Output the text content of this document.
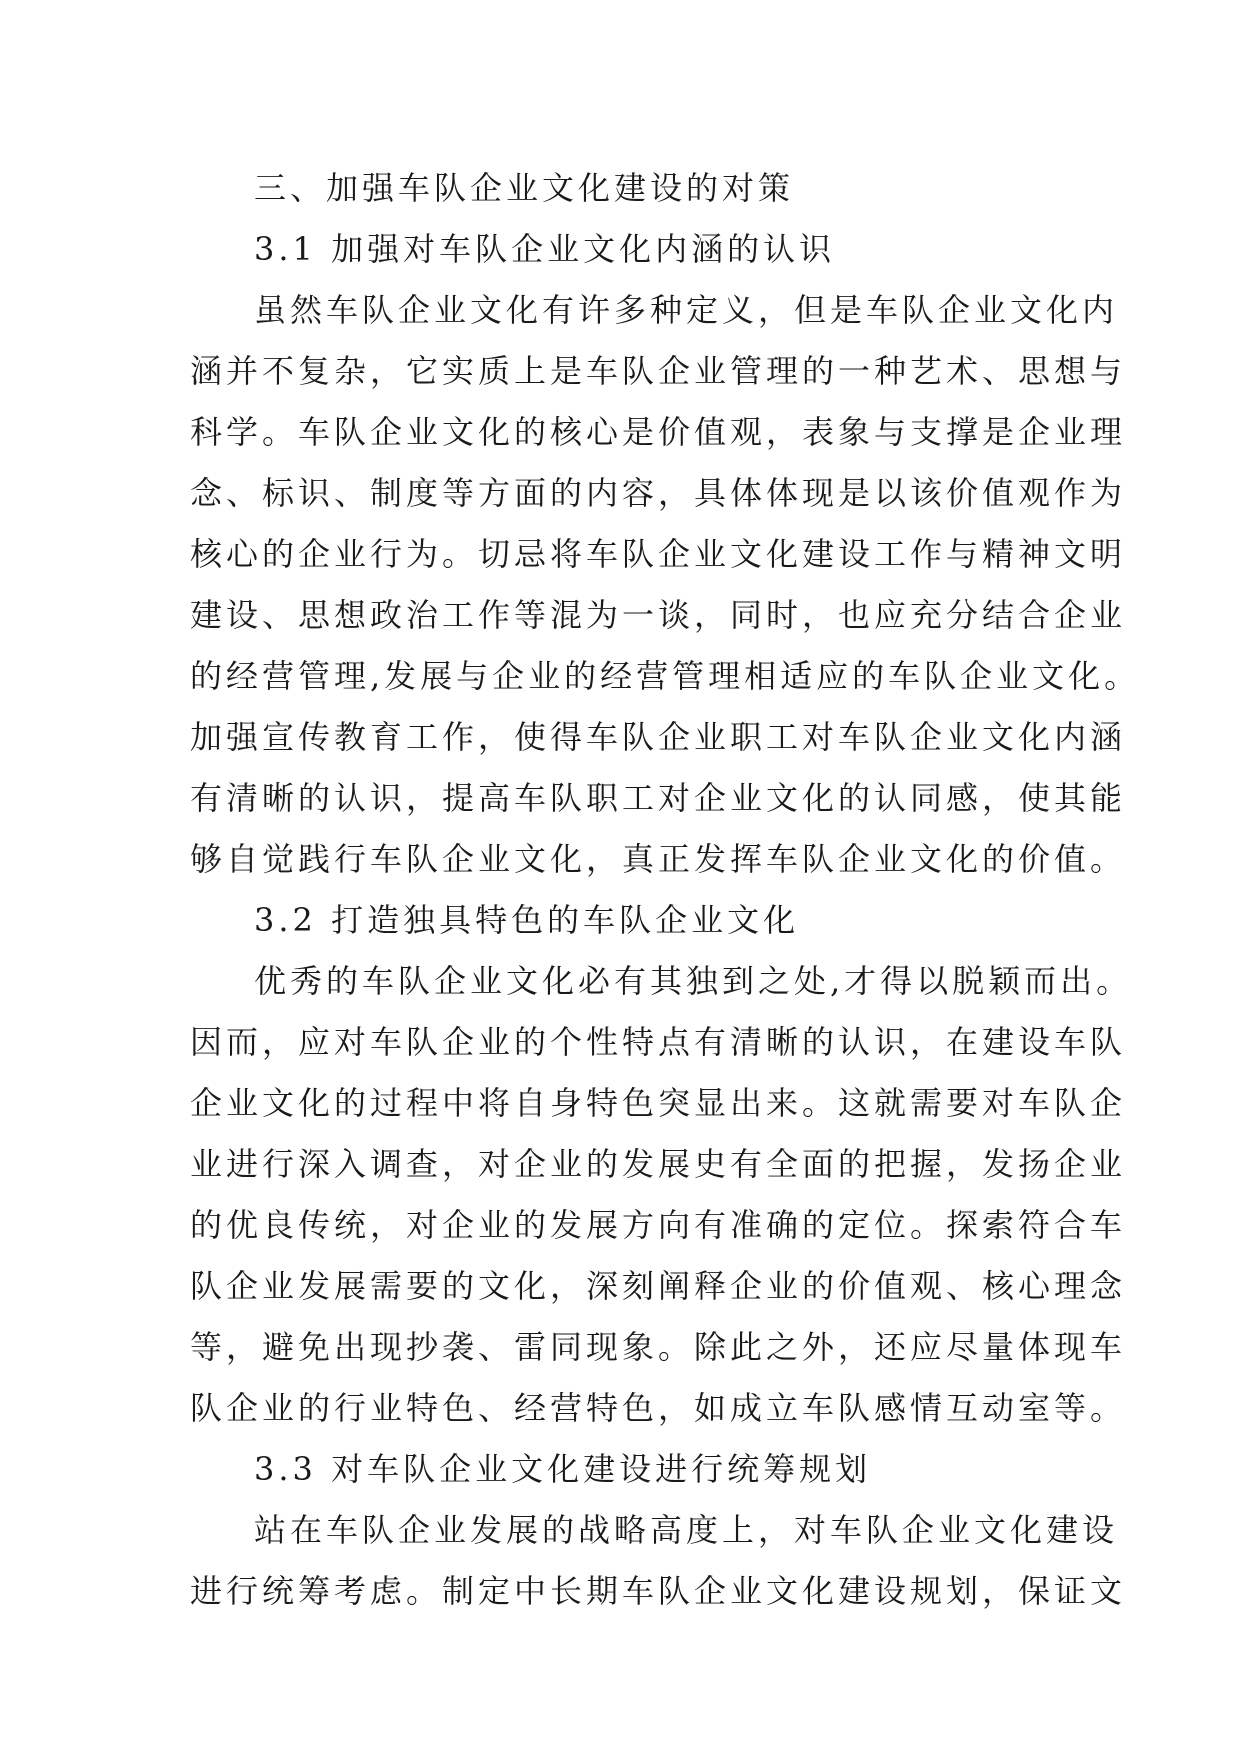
三、加强车队企业文化建设的对策
3.1 加强对车队企业文化内涵的认识
虽然车队企业文化有许多种定义，但是车队企业文化内
涵并不复杂，它实质上是车队企业管理的一种艺术、思想与
科学。车队企业文化的核心是价值观，表象与支撑是企业理
念、标识、制度等方面的内容，具体体现是以该价值观作为
核心的企业行为。切忌将车队企业文化建设工作与精神文明
建设、思想政治工作等混为一谈，同时，也应充分结合企业
的经营管理,发展与企业的经营管理相适应的车队企业文化。
加强宣传教育工作，使得车队企业职工对车队企业文化内涵
有清晰的认识，提高车队职工对企业文化的认同感，使其能
够自觉践行车队企业文化，真正发挥车队企业文化的价值。
3.2 打造独具特色的车队企业文化
优秀的车队企业文化必有其独到之处,才得以脱颖而出。
因而，应对车队企业的个性特点有清晰的认识，在建设车队
企业文化的过程中将自身特色突显出来。这就需要对车队企
业进行深入调查，对企业的发展史有全面的把握，发扬企业
的优良传统，对企业的发展方向有准确的定位。探索符合车
队企业发展需要的文化，深刻阐释企业的价值观、核心理念
等，避免出现抄袭、雷同现象。除此之外，还应尽量体现车
队企业的行业特色、经营特色，如成立车队感情互动室等。
3.3 对车队企业文化建设进行统筹规划
站在车队企业发展的战略高度上，对车队企业文化建设
进行统筹考虑。制定中长期车队企业文化建设规划，保证文
